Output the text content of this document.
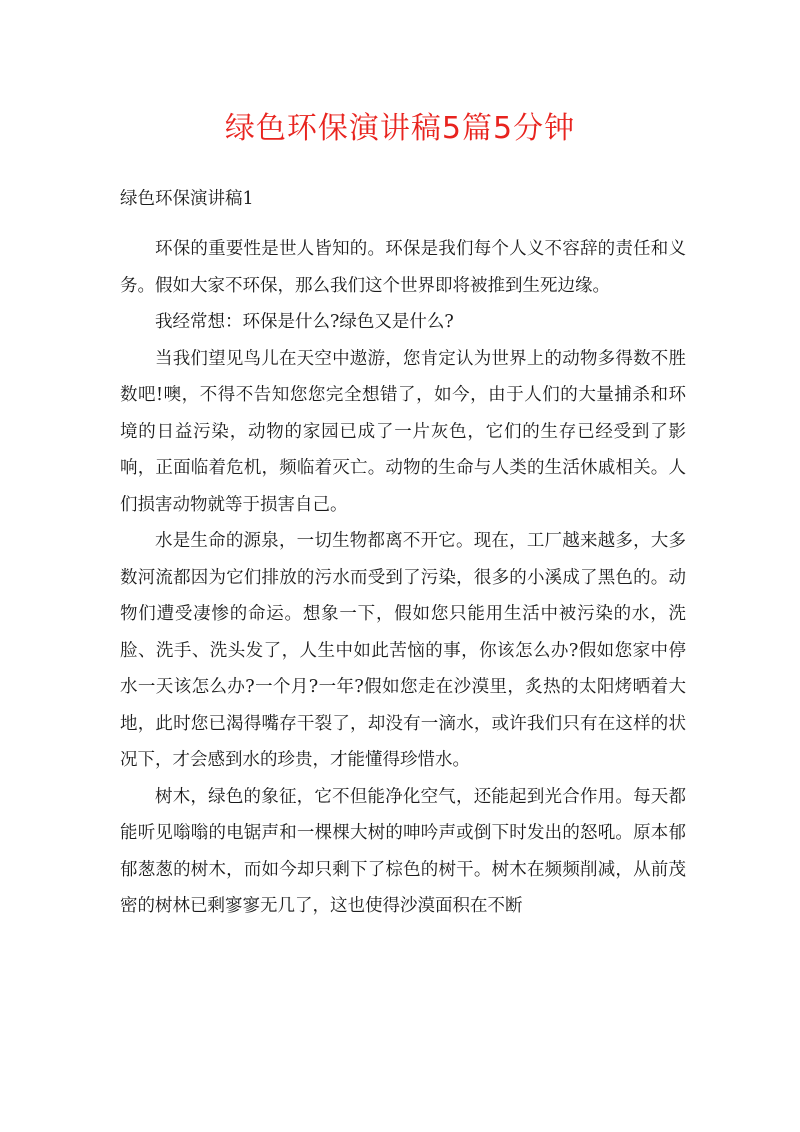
绿色环保演讲稿5篇5分钟
绿色环保演讲稿1

环保的重要性是世人皆知的。环保是我们每个人义不容辞的责任和义务。假如大家不环保，那么我们这个世界即将被推到生死边缘。

我经常想：环保是什么?绿色又是什么?

当我们望见鸟儿在天空中遨游，您肯定认为世界上的动物多得数不胜数吧!噢，不得不告知您您完全想错了，如今，由于人们的大量捕杀和环境的日益污染，动物的家园已成了一片灰色，它们的生存已经受到了影响，正面临着危机，频临着灭亡。动物的生命与人类的生活休戚相关。人们损害动物就等于损害自己。

水是生命的源泉，一切生物都离不开它。现在，工厂越来越多，大多数河流都因为它们排放的污水而受到了污染，很多的小溪成了黑色的。动物们遭受凄惨的命运。想象一下，假如您只能用生活中被污染的水，洗脸、洗手、洗头发了，人生中如此苦恼的事，你该怎么办?假如您家中停水一天该怎么办?一个月?一年?假如您走在沙漠里，炙热的太阳烤晒着大地，此时您已渴得嘴存干裂了，却没有一滴水，或许我们只有在这样的状况下，才会感到水的珍贵，才能懂得珍惜水。

树木，绿色的象征，它不但能净化空气，还能起到光合作用。每天都能听见嗡嗡的电锯声和一棵棵大树的呻吟声或倒下时发出的怒吼。原本郁郁葱葱的树木，而如今却只剩下了棕色的树干。树木在频频削减，从前茂密的树林已剩寥寥无几了，这也使得沙漠面积在不断
